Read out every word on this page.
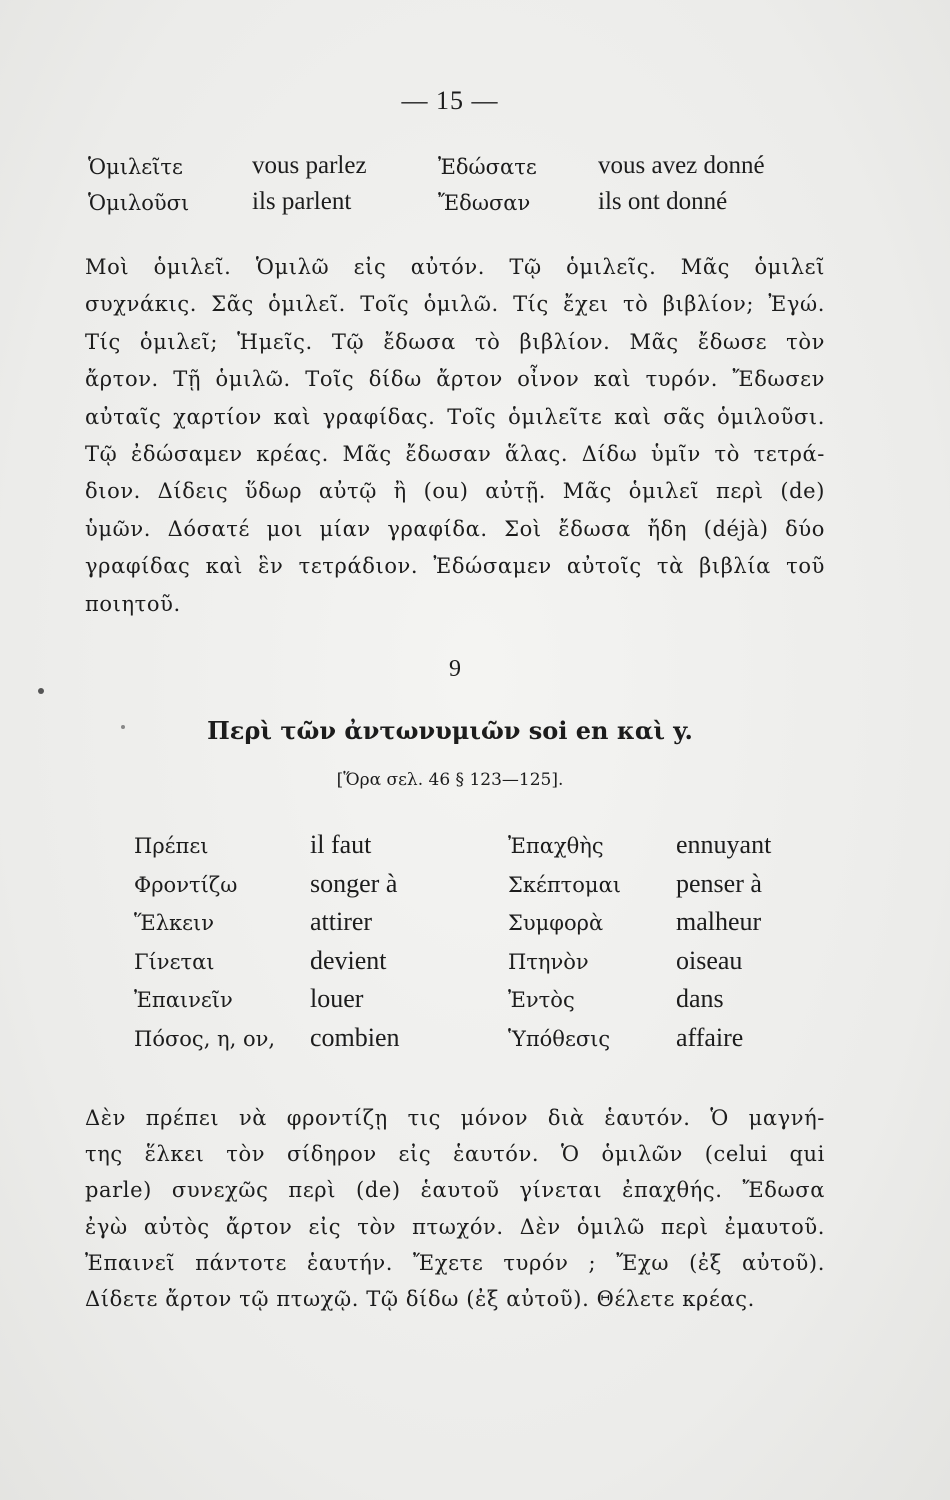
— 15 —
Ὁμιλεῖτε	vous parlez	Ἐδώσατε vous avez donné
Ὁμιλοῦσι	ils parlent	Ἔδωσαν	ils ont donné

Μοὶ ὁμιλεῖ. Ὁμιλῶ εἰς αὐτόν. Τῷ ὁμιλεῖς. Μᾶς ὁμιλεῖ
συχνάκις. Σᾶς ὁμιλεῖ. Τοῖς ὁμιλῶ. Τίς ἔχει τὸ βιβλίον; Ἐγώ.
Τίς ὁμιλεῖ; Ἡμεῖς. Τῷ ἔδωσα τὸ βιβλίον. Μᾶς ἔδωσε τὸν
ἄρτον. Τῇ ὁμιλῶ. Τοῖς δίδω ἄρτον οἶνον καὶ τυρόν. Ἔδωσεν
αὐταῖς χαρτίον καὶ γραφίδας. Τοῖς ὁμιλεῖτε καὶ σᾶς ὁμιλοῦσι.
Τῷ ἐδώσαμεν κρέας. Μᾶς ἔδωσαν ἅλας. Δίδω ὑμῖν τὸ τετρά-
διον. Δίδεις ὕδωρ αὐτῷ ἢ (ou) αὐτῇ. Μᾶς ὁμιλεῖ περὶ (de)
ὑμῶν. Δόσατέ μοι μίαν γραφίδα. Σοὶ ἔδωσα ἤδη (déjà) δύο
γραφίδας καὶ ἓν τετράδιον. Ἐδώσαμεν αὐτοῖς τὰ βιβλία τοῦ
ποιητοῦ.

9
Περὶ τῶν ἀντωνυμιῶν soi en καὶ y.
[Ὅρα σελ. 46 § 123—125].
Πρέπει	il faut	Ἐπαχθὴς	ennuyant
Φροντίζω	songer à	Σκέπτομαι penser à
Ἕλκειν	attirer	Συμφορὰ	malheur
Γίνεται	devient	Πτηνὸν	oiseau
Ἐπαινεῖν	louer	Ἐντὸς	dans
Πόσος, η, ον, combien	Ὑπόθεσις	affaire

Δὲν πρέπει νὰ φροντίζῃ τις μόνον διὰ ἑαυτόν. Ὁ μαγνή-
της ἕλκει τὸν σίδηρον εἰς ἑαυτόν. Ὁ ὁμιλῶν (celui qui
parle) συνεχῶς περὶ (de) ἑαυτοῦ γίνεται ἐπαχθής. Ἔδωσα
ἐγὼ αὐτὸς ἄρτον εἰς τὸν πτωχόν. Δὲν ὁμιλῶ περὶ ἐμαυτοῦ.
Ἐπαινεῖ πάντοτε ἑαυτήν. Ἔχετε τυρόν ; Ἔχω (ἐξ αὐτοῦ).
Δίδετε ἄρτον τῷ πτωχῷ. Τῷ δίδω (ἐξ αὐτοῦ). Θέλετε κρέας.
